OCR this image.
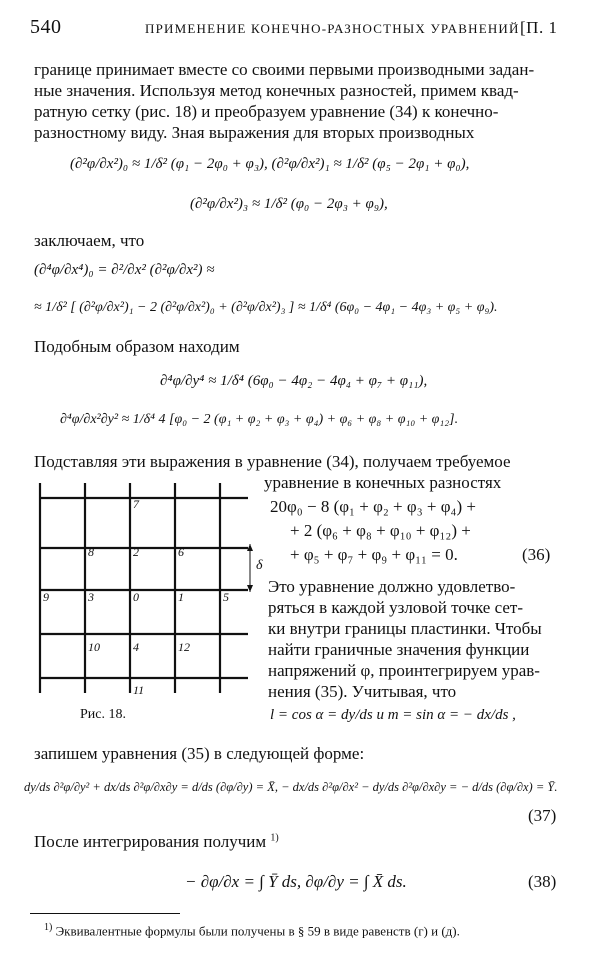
540	ПРИМЕНЕНИЕ КОНЕЧНО-РАЗНОСТНЫХ УРАВНЕНИЙ [П. 1
границе принимает вместе со своими первыми производными задан-
ные значения. Используя метод конечных разностей, примем квад-
ратную сетку (рис. 18) и преобразуем уравнение (34) к конечно-
разностному виду. Зная выражения для вторых производных
(∂²φ/∂x²)₀ ≈ 1/δ² (φ₁ − 2φ₀ + φ₃), (∂²φ/∂x²)₁ ≈ 1/δ² (φ₅ − 2φ₁ + φ₀),
(∂²φ/∂x²)₃ ≈ 1/δ² (φ₀ − 2φ₃ + φ₉),
заключаем, что
(∂⁴φ/∂x⁴)₀ = ∂²/∂x² (∂²φ/∂x²) ≈
≈ 1/δ² [ (∂²φ/∂x²)₁ − 2 (∂²φ/∂x²)₀ + (∂²φ/∂x²)₃ ] ≈ 1/δ⁴ (6φ₀ − 4φ₁ − 4φ₃ + φ₅ + φ₉).
Подобным образом находим
∂⁴φ/∂y⁴ ≈ 1/δ⁴ (6φ₀ − 4φ₂ − 4φ₄ + φ₇ + φ₁₁),
∂⁴φ/∂x²∂y² ≈ 1/δ⁴ 4 [φ₀ − 2 (φ₁ + φ₂ + φ₃ + φ₄) + φ₆ + φ₈ + φ₁₀ + φ₁₂].
Подставляя эти выражения в уравнение (34), получаем требуемое
уравнение в конечных разностях
7
8	2	6
9	3	0	1	5
10	4	12
11
δ
Рис. 18.
20φ₀ − 8 (φ₁ + φ₂ + φ₃ + φ₄) +
+ 2 (φ₆ + φ₈ + φ₁₀ + φ₁₂) +
+ φ₅ + φ₇ + φ₉ + φ₁₁ = 0.	(36)
Это уравнение должно удовлетво-
ряться в каждой узловой точке сет-
ки внутри границы пластинки. Чтобы
найти граничные значения функции
напряжений φ, проинтегрируем урав-
нения (35). Учитывая, что
l = cos α = dy/ds и m = sin α = − dx/ds ,
запишем уравнения (35) в следующей форме:
dy/ds ∂²φ/∂y² + dx/ds ∂²φ/∂x∂y = d/ds (∂φ/∂y) = X̄, − dx/ds ∂²φ/∂x² − dy/ds ∂²φ/∂x∂y = − d/ds (∂φ/∂x) = Ȳ.
(37)
После интегрирования получим $^{1)}$
− ∂φ/∂x = ∫ Ȳ ds, ∂φ/∂y = ∫ X̄ ds.	(38)
$^{1)}$ Эквивалентные формулы были получены в § 59 в виде равенств (г) и (д).
